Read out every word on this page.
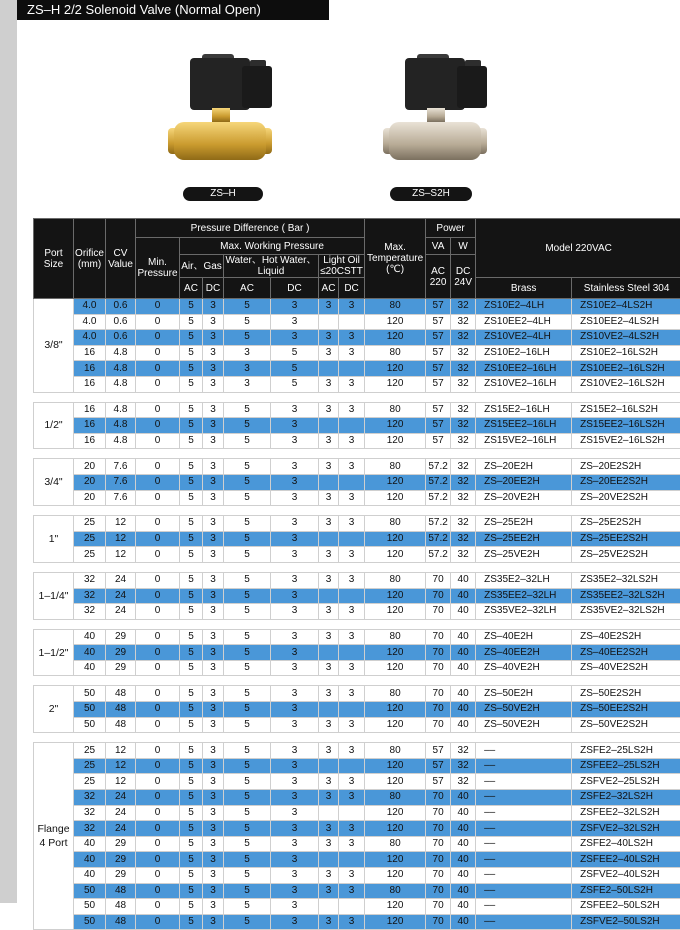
ZS–H 2/2 Solenoid Valve (Normal Open)
ZS–H	ZS–S2H
Port Size	Orifice (mm)	CV Value	Pressure Difference ( Bar )							Max. Temperature (℃)	Power		Model 220VAC	
			Min. Pressure	Max. Working Pressure							VA	W		
				Air、Gas		Water、Hot Water、Liquid		Light Oil ≤20CSTT			AC 220	DC 24V		
				AC	DC	AC	DC	AC	DC				Brass	Stainless Steel 304
3/8"	4.0	0.6	0	5	3	5	3	3	3	80	57	32	ZS10E2–4LH	ZS10E2–4LS2H
	4.0	0.6	0	5	3	5	3			120	57	32	ZS10EE2–4LH	ZS10EE2–4LS2H
	4.0	0.6	0	5	3	5	3	3	3	120	57	32	ZS10VE2–4LH	ZS10VE2–4LS2H
	16	4.8	0	5	3	3	5	3	3	80	57	32	ZS10E2–16LH	ZS10E2–16LS2H
	16	4.8	0	5	3	3	5			120	57	32	ZS10EE2–16LH	ZS10EE2–16LS2H
	16	4.8	0	5	3	3	5	3	3	120	57	32	ZS10VE2–16LH	ZS10VE2–16LS2H

1/2"	16	4.8	0	5	3	5	3	3	3	80	57	32	ZS15E2–16LH	ZS15E2–16LS2H
	16	4.8	0	5	3	5	3			120	57	32	ZS15EE2–16LH	ZS15EE2–16LS2H
	16	4.8	0	5	3	5	3	3	3	120	57	32	ZS15VE2–16LH	ZS15VE2–16LS2H

3/4"	20	7.6	0	5	3	5	3	3	3	80	57.2	32	ZS–20E2H	ZS–20E2S2H
	20	7.6	0	5	3	5	3			120	57.2	32	ZS–20EE2H	ZS–20EE2S2H
	20	7.6	0	5	3	5	3	3	3	120	57.2	32	ZS–20VE2H	ZS–20VE2S2H

1"	25	12	0	5	3	5	3	3	3	80	57.2	32	ZS–25E2H	ZS–25E2S2H
	25	12	0	5	3	5	3			120	57.2	32	ZS–25EE2H	ZS–25EE2S2H
	25	12	0	5	3	5	3	3	3	120	57.2	32	ZS–25VE2H	ZS–25VE2S2H

1–1/4"	32	24	0	5	3	5	3	3	3	80	70	40	ZS35E2–32LH	ZS35E2–32LS2H
	32	24	0	5	3	5	3			120	70	40	ZS35EE2–32LH	ZS35EE2–32LS2H
	32	24	0	5	3	5	3	3	3	120	70	40	ZS35VE2–32LH	ZS35VE2–32LS2H

1–1/2"	40	29	0	5	3	5	3	3	3	80	70	40	ZS–40E2H	ZS–40E2S2H
	40	29	0	5	3	5	3			120	70	40	ZS–40EE2H	ZS–40EE2S2H
	40	29	0	5	3	5	3	3	3	120	70	40	ZS–40VE2H	ZS–40VE2S2H

2"	50	48	0	5	3	5	3	3	3	80	70	40	ZS–50E2H	ZS–50E2S2H
	50	48	0	5	3	5	3			120	70	40	ZS–50VE2H	ZS–50EE2S2H
	50	48	0	5	3	5	3	3	3	120	70	40	ZS–50VE2H	ZS–50VE2S2H

Flange 4 Port	25	12	0	5	3	5	3	3	3	80	57	32	––	ZSFE2–25LS2H
	25	12	0	5	3	5	3			120	57	32	––	ZSFEE2–25LS2H
	25	12	0	5	3	5	3	3	3	120	57	32	––	ZSFVE2–25LS2H
	32	24	0	5	3	5	3	3	3	80	70	40	––	ZSFE2–32LS2H
	32	24	0	5	3	5	3			120	70	40	––	ZSFEE2–32LS2H
	32	24	0	5	3	5	3	3	3	120	70	40	––	ZSFVE2–32LS2H
	40	29	0	5	3	5	3	3	3	80	70	40	––	ZSFE2–40LS2H
	40	29	0	5	3	5	3			120	70	40	––	ZSFEE2–40LS2H
	40	29	0	5	3	5	3	3	3	120	70	40	––	ZSFVE2–40LS2H
	50	48	0	5	3	5	3	3	3	80	70	40	––	ZSFE2–50LS2H
	50	48	0	5	3	5	3			120	70	40	––	ZSFEE2–50LS2H
	50	48	0	5	3	5	3	3	3	120	70	40	––	ZSFVE2–50LS2H
